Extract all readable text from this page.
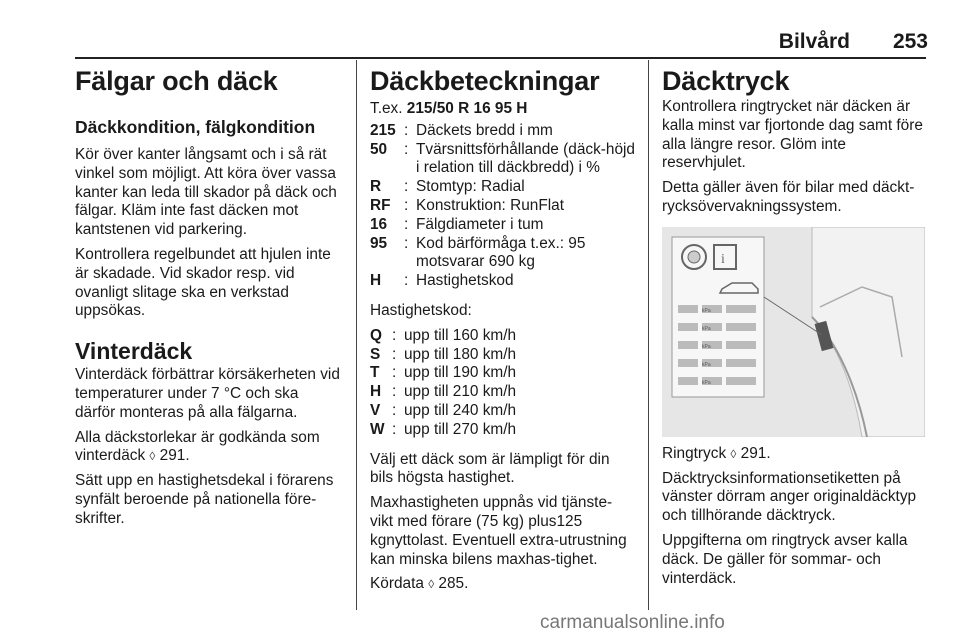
Bilvård	253
Fälgar och däck
Däckkondition, fälgkondition

Kör över kanter långsamt och i så rät vinkel som möjligt. Att köra över vassa kanter kan leda till skador på däck och fälgar. Kläm inte fast däcken mot kantstenen vid parkering.

Kontrollera regelbundet att hjulen inte är skadade. Vid skador resp. vid ovanligt slitage ska en verkstad uppsökas.

Vinterdäck

Vinterdäck förbättrar körsäkerheten vid temperaturer under 7 °C och ska därför monteras på alla fälgarna.

Alla däckstorlekar är godkända som vinterdäck ◊ 291.

Sätt upp en hastighetsdekal i förarens synfält beroende på nationella före-skrifter.

Däckbeteckningar

T.ex. 215/50 R 16 95 H

215 : Däckets bredd i mm
50	: Tvärsnittsförhållande (däck-höjd i relation till däckbredd) i %
R	: Stomtyp: Radial
RF : Konstruktion: RunFlat
16	: Fälgdiameter i tum
95	: Kod bärförmåga t.ex.: 95 motsvarar 690 kg
H	: Hastighetskod

Hastighetskod:

Q : upp till 160 km/h
S : upp till 180 km/h
T : upp till 190 km/h
H : upp till 210 km/h
V : upp till 240 km/h
W : upp till 270 km/h

Välj ett däck som är lämpligt för din bils högsta hastighet.

Maxhastigheten uppnås vid tjänste-vikt med förare (75 kg) plus125 kgnyttolast. Eventuell extra-utrustning kan minska bilens maxhas-tighet.

Kördata ◊ 285.

Däcktryck

Kontrollera ringtrycket när däcken är kalla minst var fjortonde dag samt före alla längre resor. Glöm inte reservhjulet.

Detta gäller även för bilar med däckt-rycksövervakningssystem.

i
kPa
kPa
kPa
kPa
kPa

Ringtryck ◊ 291.

Däcktrycksinformationsetiketten på vänster dörram anger originaldäcktyp och tillhörande däcktryck.

Uppgifterna om ringtryck avser kalla däck. De gäller för sommar- och vinterdäck.

carmanualsonline.info
